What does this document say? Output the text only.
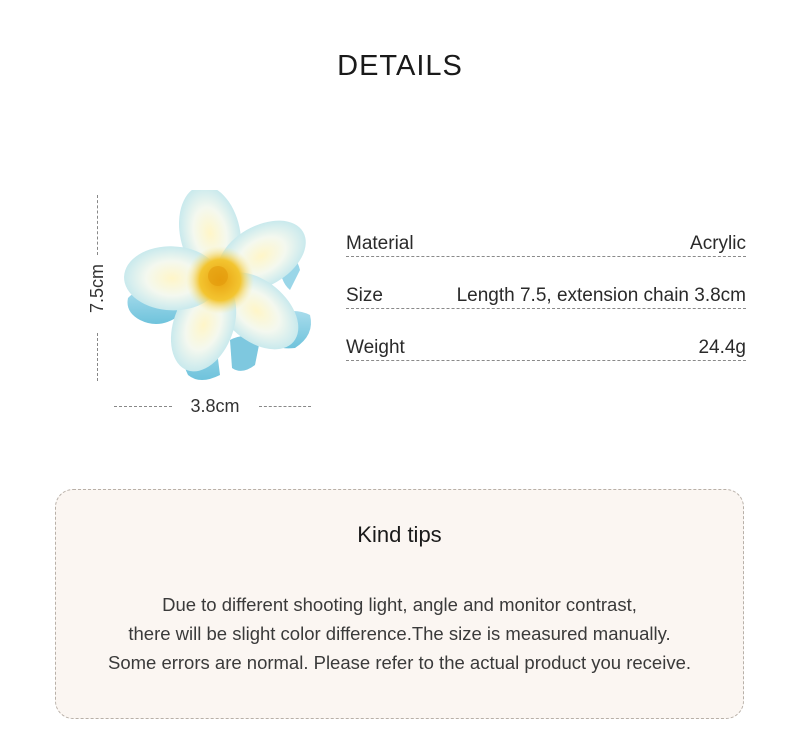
DETAILS
7.5cm
3.8cm
Material	Acrylic
Size	Length 7.5, extension chain 3.8cm
Weight	24.4g
Kind tips
Due to different shooting light, angle and monitor contrast,
there will be slight color difference.The size is measured manually.
Some errors are normal. Please refer to the actual product you receive.
